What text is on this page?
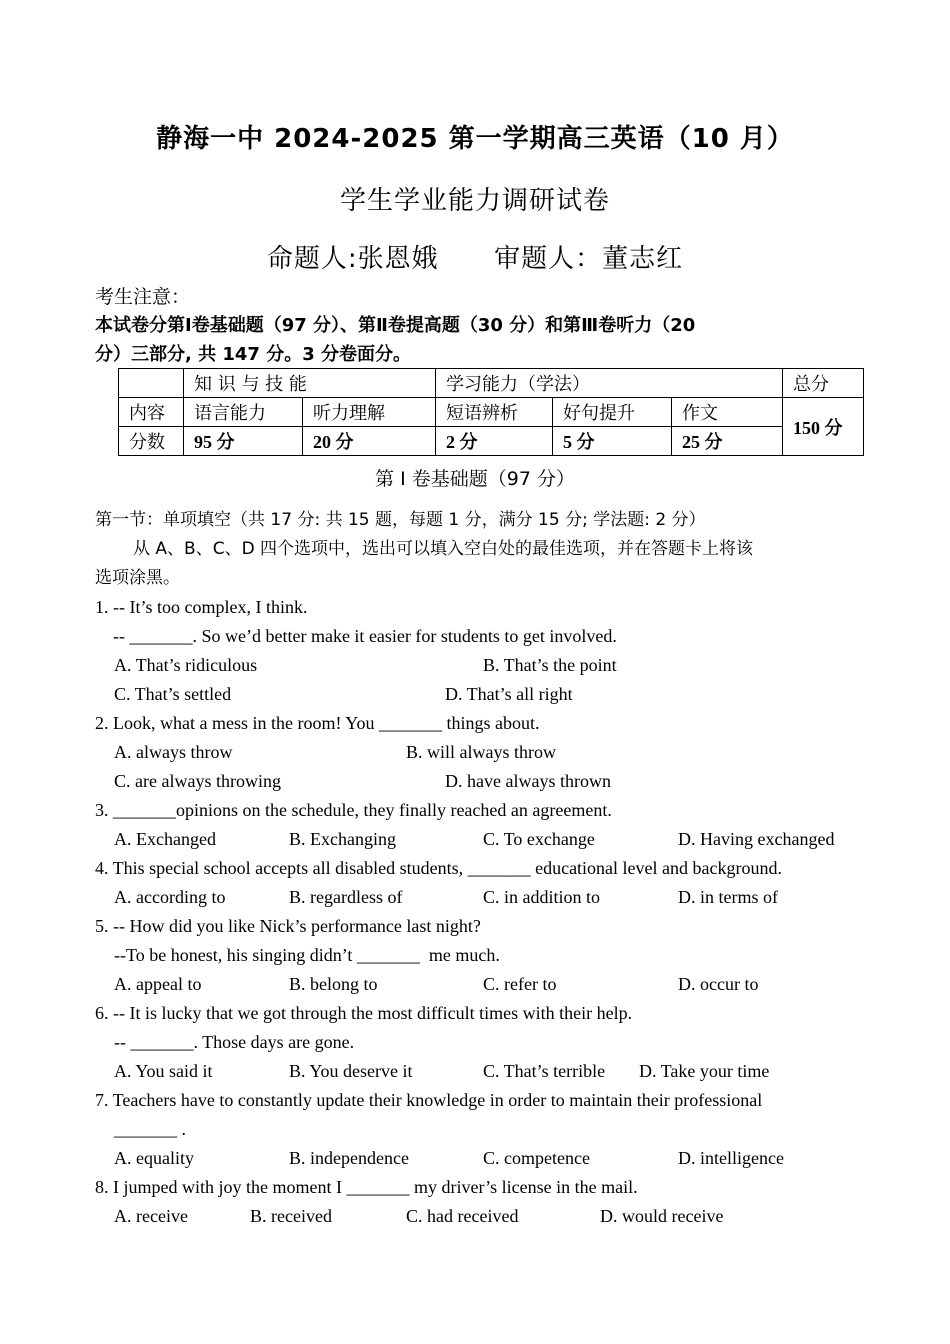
静海一中 2024-2025 第一学期高三英语（10 月）
学生学业能力调研试卷
命题人:张恩娥      审题人：董志红
考生注意：
本试卷分第Ⅰ卷基础题（97 分）、第Ⅱ卷提高题（30 分）和第Ⅲ卷听力（20
分）三部分, 共 147 分。3 分卷面分。
	知 识 与 技 能		学习能力（学法）			总分
内容	语言能力	听力理解	短语辨析	好句提升	作文	150 分
分数	95 分	20 分	2 分	5 分	25 分	
第 I 卷基础题（97 分）
第一节：单项填空（共 17 分: 共 15 题，每题 1 分，满分 15 分; 学法题: 2 分）
从 A、B、C、D 四个选项中，选出可以填入空白处的最佳选项，并在答题卡上将该
选项涂黑。
1. -- It’s too complex, I think.
-- _______. So we’d better make it easier for students to get involved.
A. That’s ridiculous	B. That’s the point
C. That’s settled	D. That’s all right
2. Look, what a mess in the room! You _______ things about.
A. always throw	B. will always throw
C. are always throwing	D. have always thrown
3. _______opinions on the schedule, they finally reached an agreement.
A. Exchanged	B. Exchanging	C. To exchange	D. Having exchanged
4. This special school accepts all disabled students, _______ educational level and background.
A. according to	B. regardless of	C. in addition to	D. in terms of
5. -- How did you like Nick’s performance last night?
--To be honest, his singing didn’t _______  me much.
A. appeal to	B. belong to	C. refer to	D. occur to
6. -- It is lucky that we got through the most difficult times with their help.
-- _______. Those days are gone.
A. You said it	B. You deserve it	C. That’s terrible D. Take your time
7. Teachers have to constantly update their knowledge in order to maintain their professional
_______ .
A. equality	B. independence	C. competence	D. intelligence
8. I jumped with joy the moment I _______ my driver’s license in the mail.
A. receive	B. received	C. had received	D. would receive
